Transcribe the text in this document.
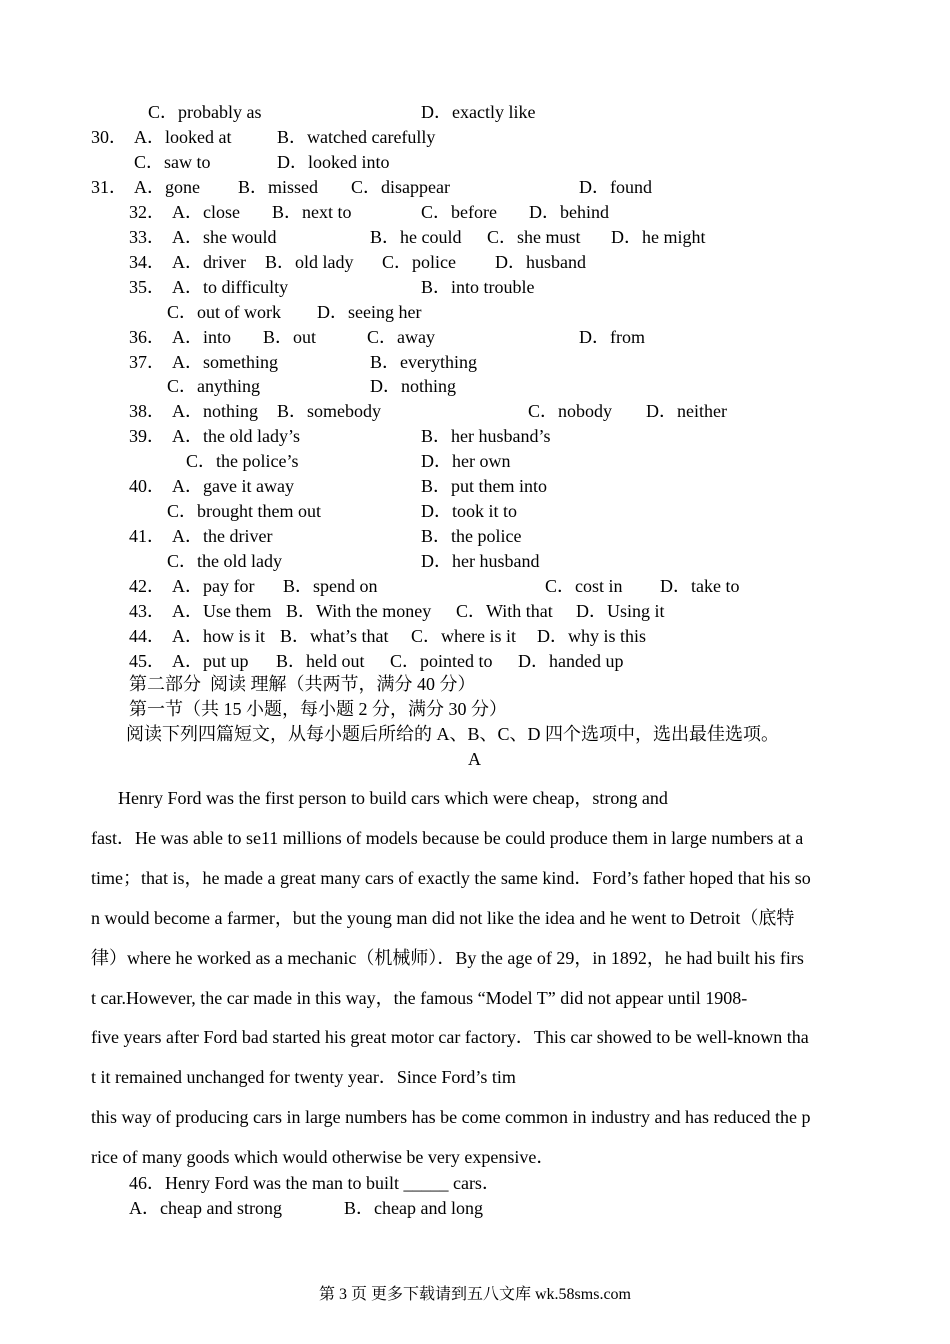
C．probably as	D．exactly like
30． A．looked at	B．watched carefully
C．saw to	D．looked into
31． A．gone B．missed C．disappear	D．found
32． A．close B．next to	C．before D．behind
33． A．she would	B．he could C．she must D．he might
34． A．driver B．old lady C．police D．husband
35． A．to difficulty	B．into trouble
C．out of work D．seeing her
36． A．into B．out	C．away	D．from
37． A．something	B．everything
C．anything	D．nothing
38． A．nothing B．somebody	C．nobody D．neither
39． A．the old lady’s	B．her husband’s
C．the police’s	D．her own
40． A．gave it away	B．put them into
C．brought them out	D．took it to
41． A．the driver	B．the police
C．the old lady	D．her husband
42． A．pay for B．spend on	C．cost in D．take to
43． A．Use them B．With the money C．With that D．Using it
44． A．how is it B．what’s that C．where is it D．why is this
45． A．put up B．held out C．pointed to D．handed up
第二部分  阅读 理解（共两节，满分 40 分）
第一节（共 15 小题，每小题 2 分，满分 30 分）
阅读下列四篇短文，从每小题后所给的 A、B、C、D 四个选项中，选出最佳选项。
A
Henry Ford was the first person to build cars which were cheap，strong and
fast．He was able to se11 millions of models because be could produce them in large numbers at a
time；that is，he made a great many cars of exactly the same kind．Ford’s father hoped that his so
n would become a farmer，but the young man did not like the idea and he went to Detroit（底特
律）where he worked as a mechanic（机械师）．By the age of 29，in 1892，he had built his firs
t car.However, the car made in this way，the famous “Model T” did not appear until 1908-
five years after Ford bad started his great motor car factory．This car showed to be well-known tha
t it remained unchanged for twenty year．Since Ford’s tim
this way of producing cars in large numbers has be come common in industry and has reduced the p
rice of many goods which would otherwise be very expensive．
46．Henry Ford was the man to built _____ cars．
A．cheap and strong	B．cheap and long
第 3 页 更多下载请到五八文库 wk.58sms.com
